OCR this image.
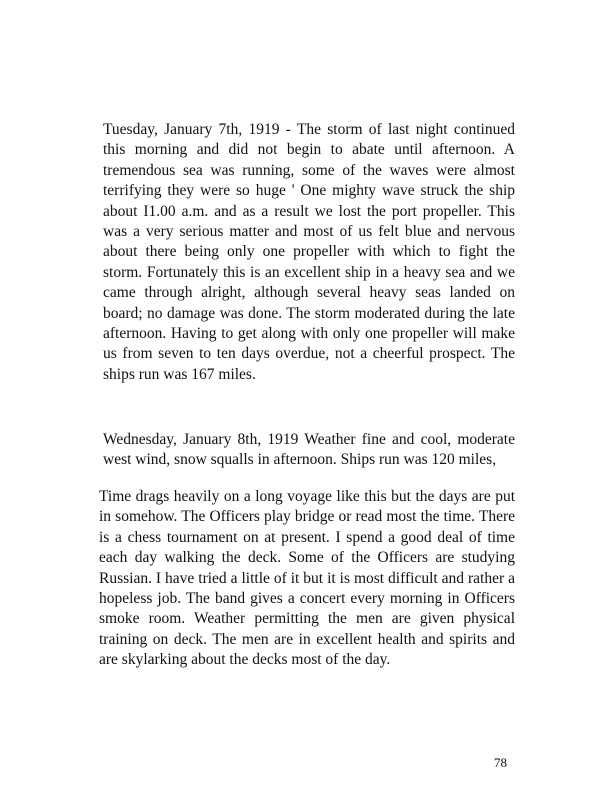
Tuesday, January 7th, 1919 - The storm of last night continued this morning and did not begin to abate until afternoon. A tremendous sea was running, some of the waves were almost terrifying they were so huge ' One mighty wave struck the ship about I1.00 a.m. and as a result we lost the port propeller. This was a very serious matter and most of us felt blue and nervous about there being only one propeller with which to fight the storm. Fortunately this is an excellent ship in a heavy sea and we came through alright, although several heavy seas landed on board; no damage was done. The storm moderated during the late afternoon. Having to get along with only one propeller will make us from seven to ten days overdue, not a cheerful prospect. The ships run was 167 miles.

Wednesday, January 8th, 1919 Weather fine and cool, moderate west wind, snow squalls in afternoon. Ships run was 120 miles,

Time drags heavily on a long voyage like this but the days are put in somehow. The Officers play bridge or read most the time. There is a chess tournament on at present. I spend a good deal of time each day walking the deck. Some of the Officers are studying Russian. I have tried a little of it but it is most difficult and rather a hopeless job. The band gives a concert every morning in Officers smoke room. Weather permitting the men are given physical training on deck. The men are in excellent health and spirits and are skylarking about the decks most of the day.

78
